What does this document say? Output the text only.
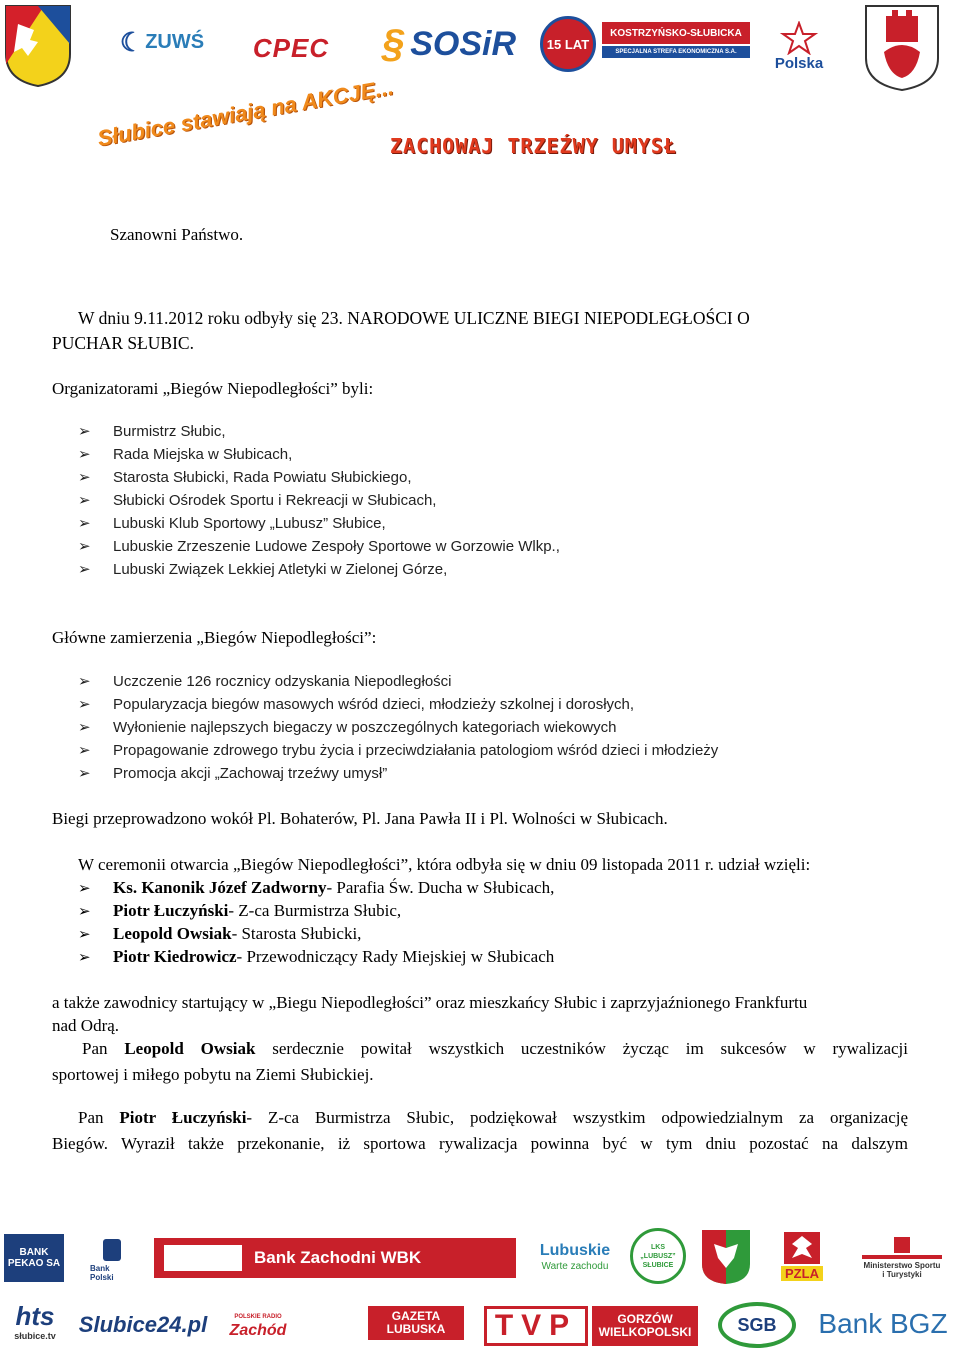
☾ ZUWŚ CPEC § SOSiR	15 LAT
KOSTRZYŃSKO-SŁUBICKA
SPECJALNA STREFA EKONOMICZNA S.A.
Polska
Słubice stawiają na AKCJĘ...
ZACHOWAJ TRZEŹWY UMYSŁ
Szanowni Państwo.
W dniu 9.11.2012 roku odbyły się 23. NARODOWE ULICZNE BIEGI NIEPODLEGŁOŚCI O
PUCHAR SŁUBIC.
Organizatorami „Biegów Niepodległości” byli:
➢ Burmistrz Słubic,
➢ Rada Miejska w Słubicach,
➢ Starosta Słubicki, Rada Powiatu Słubickiego,
➢ Słubicki Ośrodek Sportu i Rekreacji w Słubicach,
➢ Lubuski Klub Sportowy „Lubusz” Słubice,
➢ Lubuskie Zrzeszenie Ludowe Zespoły Sportowe w Gorzowie Wlkp.,
➢ Lubuski Związek Lekkiej Atletyki w Zielonej Górze,
Główne zamierzenia „Biegów Niepodległości”:
➢ Uczczenie 126 rocznicy odzyskania Niepodległości
➢ Popularyzacja biegów masowych wśród dzieci, młodzieży szkolnej i dorosłych,
➢ Wyłonienie najlepszych biegaczy w poszczególnych kategoriach wiekowych
➢ Propagowanie zdrowego trybu życia i przeciwdziałania patologiom wśród dzieci i młodzieży
➢ Promocja akcji „Zachowaj trzeźwy umysł”
Biegi przeprowadzono wokół Pl. Bohaterów, Pl. Jana Pawła II i Pl. Wolności w Słubicach.
W ceremonii otwarcia „Biegów Niepodległości”, która odbyła się w dniu 09 listopada 2011 r. udział wzięli:
➢ Ks. Kanonik Józef Zadworny- Parafia Św. Ducha w Słubicach,
➢ Piotr Łuczyński- Z-ca Burmistrza Słubic,
➢ Leopold Owsiak- Starosta Słubicki,
➢ Piotr Kiedrowicz- Przewodniczący Rady Miejskiej w Słubicach
a także zawodnicy startujący w „Biegu Niepodległości” oraz mieszkańcy Słubic i zaprzyjaźnionego Frankfurtu
nad Odrą.
Pan Leopold Owsiak serdecznie powitał wszystkich uczestników życząc im sukcesów w rywalizacji
sportowej i miłego pobytu na Ziemi Słubickiej.
Pan Piotr Łuczyński- Z-ca Burmistrza Słubic, podziękował wszystkim odpowiedzialnym za organizację
Biegów. Wyraził także przekonanie, iż sportowa rywalizacja powinna być w tym dniu pozostać na dalszym
BANK PEKAO SA	Bank Polski
Bank Zachodni WBK	Lubuskie
Warte zachodu
LKS „LUBUSZ” SŁUBICE
PZLA	Ministerstwo Sportu i Turystyki
hts
słubice.tv Slubice24.pl	POLSKIE RADIO
Zachód
GAZETA LUBUSKA	TVP	GORZÓW WIELKOPOLSKI	SGB Bank BGZ
